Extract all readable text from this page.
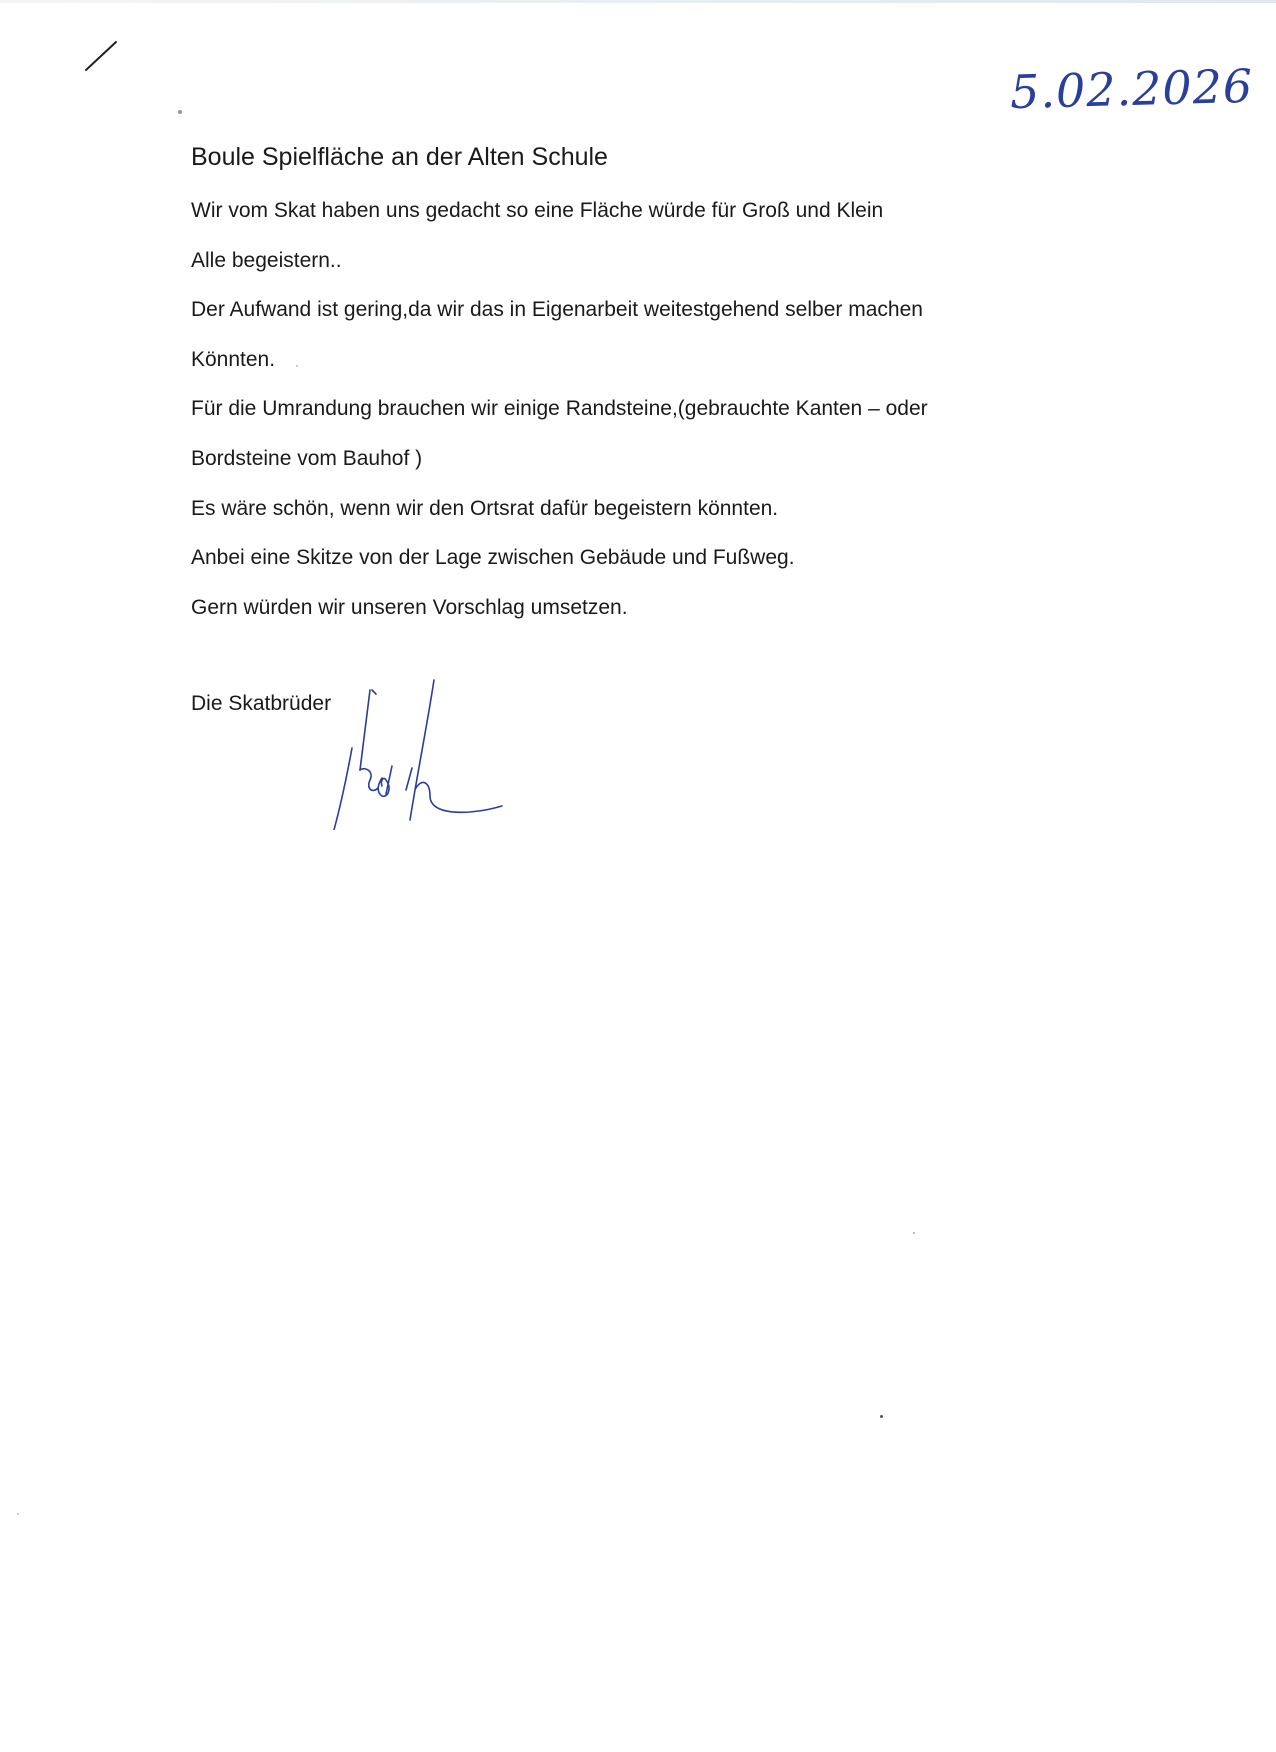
5.02.2026
Boule Spielfläche an der Alten Schule
Wir vom Skat haben uns gedacht so eine Fläche würde für Groß und Klein
Alle begeistern..
Der Aufwand ist gering,da wir das in Eigenarbeit weitestgehend selber machen
Könnten.
Für die Umrandung brauchen wir einige Randsteine,(gebrauchte Kanten – oder
Bordsteine vom Bauhof )
Es wäre schön, wenn wir den Ortsrat dafür begeistern könnten.
Anbei eine Skitze von der Lage zwischen Gebäude und Fußweg.
Gern würden wir unseren Vorschlag umsetzen.
Die Skatbrüder
